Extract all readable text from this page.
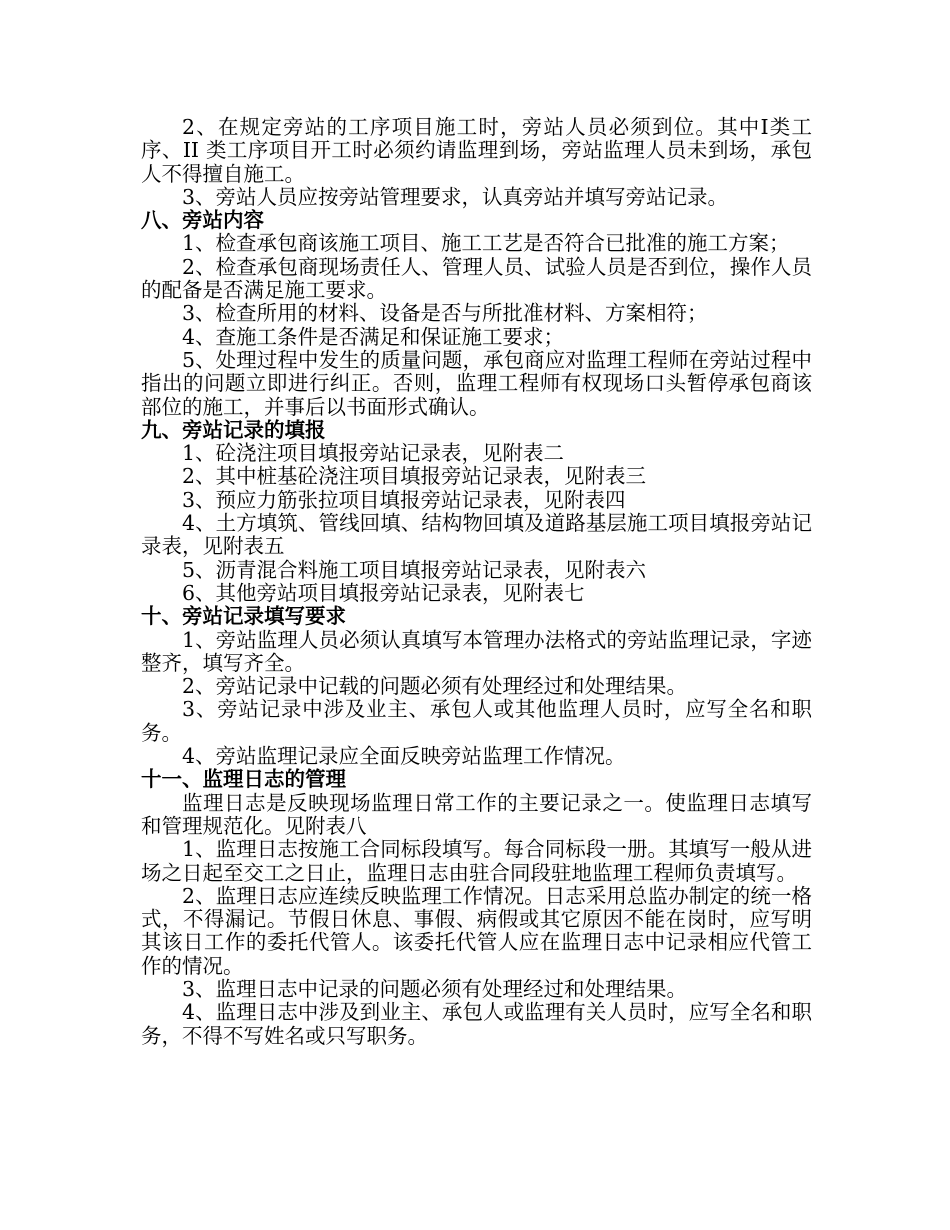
2、在规定旁站的工序项目施工时，旁站人员必须到位。其中I类工序、II 类工序项目开工时必须约请监理到场，旁站监理人员未到场，承包人不得擅自施工。

3、旁站人员应按旁站管理要求，认真旁站并填写旁站记录。

八、旁站内容

1、检查承包商该施工项目、施工工艺是否符合已批准的施工方案；

2、检查承包商现场责任人、管理人员、试验人员是否到位，操作人员的配备是否满足施工要求。

3、检查所用的材料、设备是否与所批准材料、方案相符；

4、查施工条件是否满足和保证施工要求；

5、处理过程中发生的质量问题，承包商应对监理工程师在旁站过程中指出的问题立即进行纠正。否则，监理工程师有权现场口头暂停承包商该部位的施工，并事后以书面形式确认。

九、旁站记录的填报

1、砼浇注项目填报旁站记录表，见附表二

2、其中桩基砼浇注项目填报旁站记录表，见附表三

3、预应力筋张拉项目填报旁站记录表，见附表四

4、土方填筑、管线回填、结构物回填及道路基层施工项目填报旁站记录表，见附表五

5、沥青混合料施工项目填报旁站记录表，见附表六

6、其他旁站项目填报旁站记录表，见附表七

十、旁站记录填写要求

1、旁站监理人员必须认真填写本管理办法格式的旁站监理记录，字迹整齐，填写齐全。

2、旁站记录中记载的问题必须有处理经过和处理结果。

3、旁站记录中涉及业主、承包人或其他监理人员时，应写全名和职务。

4、旁站监理记录应全面反映旁站监理工作情况。

十一、监理日志的管理

监理日志是反映现场监理日常工作的主要记录之一。使监理日志填写和管理规范化。见附表八

1、监理日志按施工合同标段填写。每合同标段一册。其填写一般从进场之日起至交工之日止，监理日志由驻合同段驻地监理工程师负责填写。

2、监理日志应连续反映监理工作情况。日志采用总监办制定的统一格式，不得漏记。节假日休息、事假、病假或其它原因不能在岗时，应写明其该日工作的委托代管人。该委托代管人应在监理日志中记录相应代管工作的情况。

3、监理日志中记录的问题必须有处理经过和处理结果。

4、监理日志中涉及到业主、承包人或监理有关人员时，应写全名和职务，不得不写姓名或只写职务。
